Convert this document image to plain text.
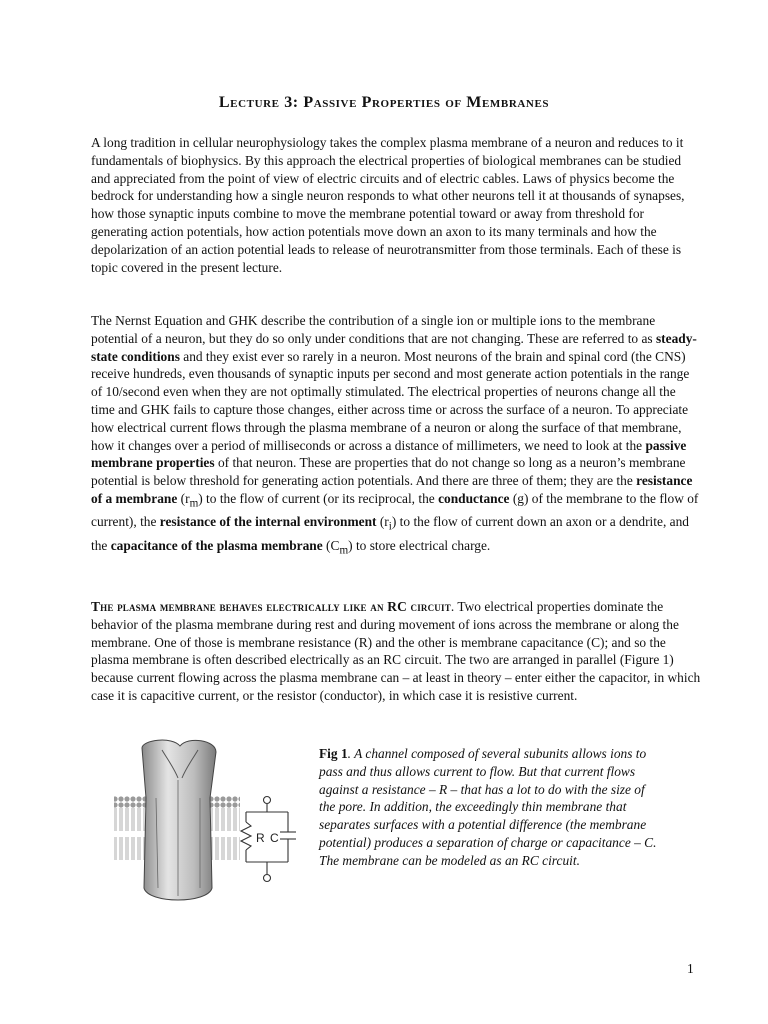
Lecture 3: Passive Properties of Membranes

A long tradition in cellular neurophysiology takes the complex plasma membrane of a neuron and reduces to it fundamentals of biophysics. By this approach the electrical properties of biological membranes can be studied and appreciated from the point of view of electric circuits and of electric cables. Laws of physics become the bedrock for understanding how a single neuron responds to what other neurons tell it at thousands of synapses, how those synaptic inputs combine to move the membrane potential toward or away from threshold for generating action potentials, how action potentials move down an axon to its many terminals and how the depolarization of an action potential leads to release of neurotransmitter from those terminals. Each of these is topic covered in the present lecture.

The Nernst Equation and GHK describe the contribution of a single ion or multiple ions to the membrane potential of a neuron, but they do so only under conditions that are not changing. These are referred to as steady-state conditions and they exist ever so rarely in a neuron. Most neurons of the brain and spinal cord (the CNS) receive hundreds, even thousands of synaptic inputs per second and most generate action potentials in the range of 10/second even when they are not optimally stimulated. The electrical properties of neurons change all the time and GHK fails to capture those changes, either across time or across the surface of a neuron. To appreciate how electrical current flows through the plasma membrane of a neuron or along the surface of that membrane, how it changes over a period of milliseconds or across a distance of millimeters, we need to look at the passive membrane properties of that neuron. These are properties that do not change so long as a neuron’s membrane potential is below threshold for generating action potentials. And there are three of them; they are the resistance of a membrane $(r_m)$ to the flow of current (or its reciprocal, the conductance (g) of the membrane to the flow of current), the resistance of the internal environment $(r_i)$ to the flow of current down an axon or a dendrite, and the capacitance of the plasma membrane $(C_m)$ to store electrical charge.

The plasma membrane behaves electrically like an RC circuit. Two electrical properties dominate the behavior of the plasma membrane during rest and during movement of ions across the membrane or along the membrane. One of those is membrane resistance (R) and the other is membrane capacitance (C); and so the plasma membrane is often described electrically as an RC circuit. The two are arranged in parallel (Figure 1) because current flowing across the plasma membrane can – at least in theory – enter either the capacitor, in which case it is capacitive current, or the resistor (conductor), in which case it is resistive current.

R C
Fig 1. A channel composed of several subunits allows ions to pass and thus allows current to flow. But that current flows against a resistance – R – that has a lot to do with the size of the pore. In addition, the exceedingly thin membrane that separates surfaces with a potential difference (the membrane potential) produces a separation of charge or capacitance – C. The membrane can be modeled as an RC circuit.
1
